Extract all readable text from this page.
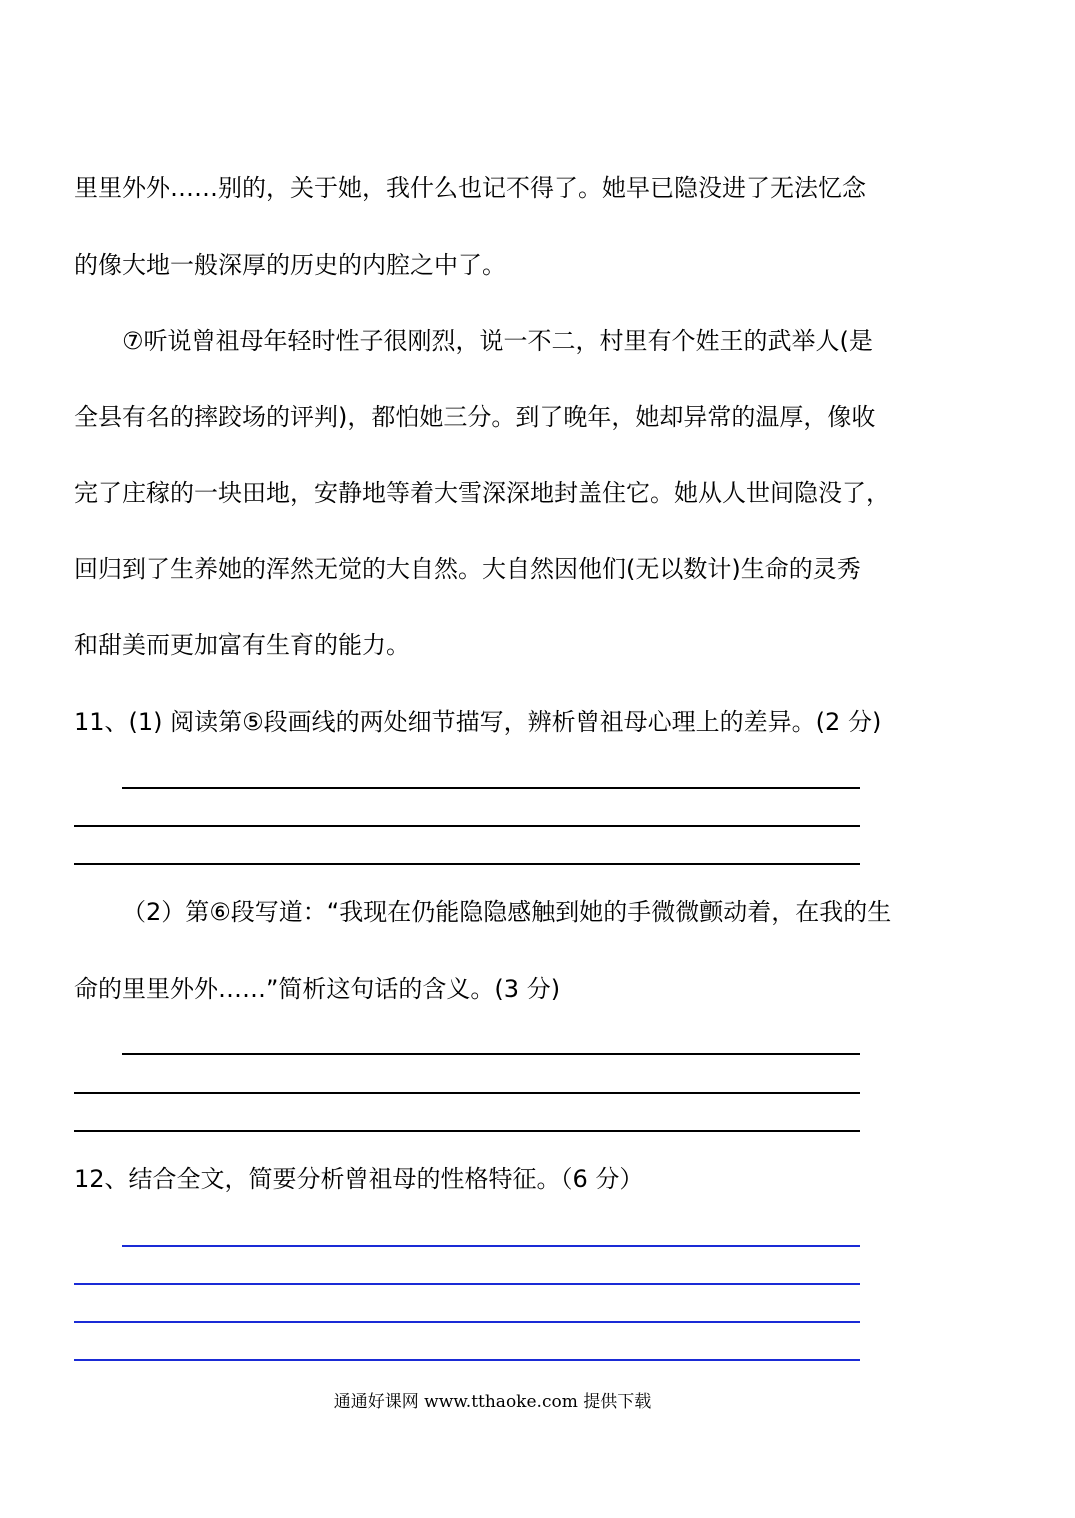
里里外外……别的，关于她，我什么也记不得了。她早已隐没进了无法忆念
的像大地一般深厚的历史的内腔之中了。
⑦听说曾祖母年轻时性子很刚烈，说一不二，村里有个姓王的武举人(是
全县有名的摔跤场的评判)，都怕她三分。到了晚年，她却异常的温厚，像收
完了庄稼的一块田地，安静地等着大雪深深地封盖住它。她从人世间隐没了，
回归到了生养她的浑然无觉的大自然。大自然因他们(无以数计)生命的灵秀
和甜美而更加富有生育的能力。
11、(1) 阅读第⑤段画线的两处细节描写，辨析曾祖母心理上的差异。(2 分)
（2）第⑥段写道：“我现在仍能隐隐感触到她的手微微颤动着，在我的生
命的里里外外……”简析这句话的含义。(3 分)
12、结合全文，简要分析曾祖母的性格特征。（6 分）
通通好课网 www.tthaoke.com 提供下载
